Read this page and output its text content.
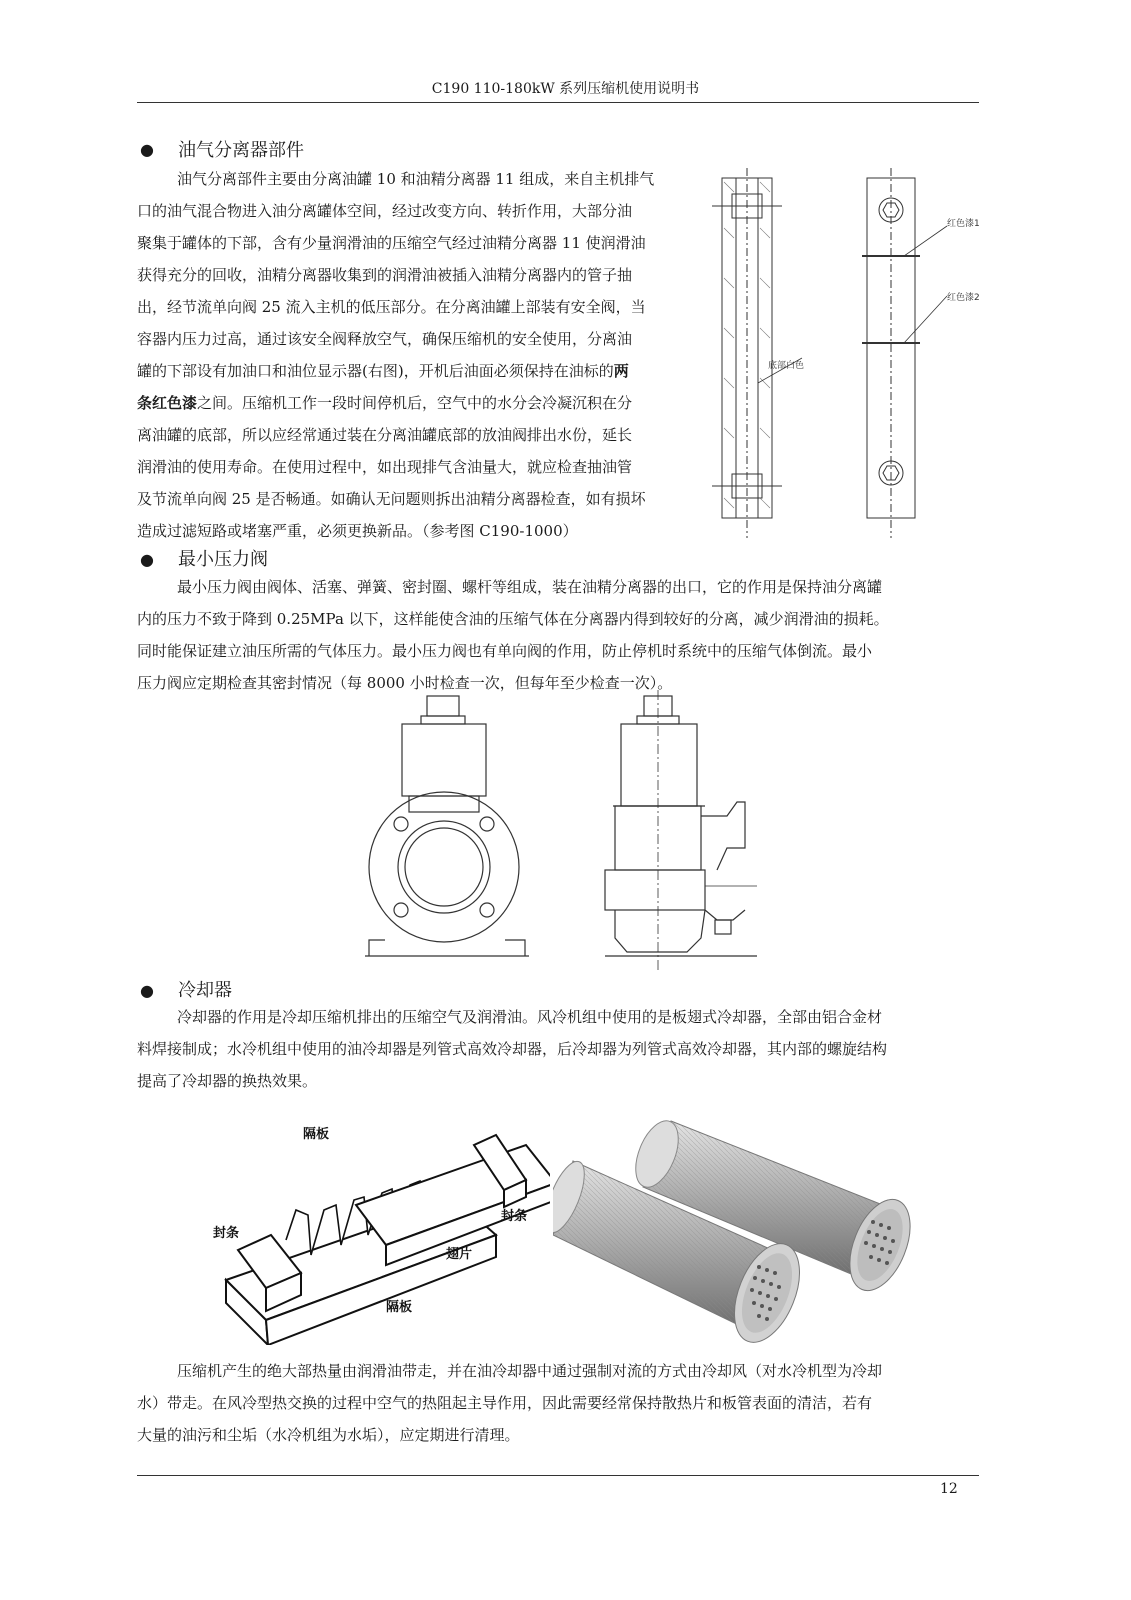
C190 110-180kW 系列压缩机使用说明书
● 油气分离器部件
油气分离部件主要由分离油罐 10 和油精分离器 11 组成，来自主机排气
口的油气混合物进入油分离罐体空间，经过改变方向、转折作用，大部分油
聚集于罐体的下部，含有少量润滑油的压缩空气经过油精分离器 11 使润滑油
获得充分的回收，油精分离器收集到的润滑油被插入油精分离器内的管子抽
出，经节流单向阀 25 流入主机的低压部分。在分离油罐上部装有安全阀，当
容器内压力过高，通过该安全阀释放空气，确保压缩机的安全使用，分离油
罐的下部设有加油口和油位显示器(右图)，开机后油面必须保持在油标的两
条红色漆之间。压缩机工作一段时间停机后，空气中的水分会冷凝沉积在分
离油罐的底部，所以应经常通过装在分离油罐底部的放油阀排出水份，延长
润滑油的使用寿命。在使用过程中，如出现排气含油量大，就应检查抽油管
及节流单向阀 25 是否畅通。如确认无问题则拆出油精分离器检查，如有损坏
造成过滤短路或堵塞严重，必须更换新品。（参考图 C190-1000）
红色漆1
红色漆2
底部白色
● 最小压力阀
最小压力阀由阀体、活塞、弹簧、密封圈、螺杆等组成，装在油精分离器的出口，它的作用是保持油分离罐
内的压力不致于降到 0.25MPa 以下，这样能使含油的压缩气体在分离器内得到较好的分离，减少润滑油的损耗。
同时能保证建立油压所需的气体压力。最小压力阀也有单向阀的作用，防止停机时系统中的压缩气体倒流。最小
压力阀应定期检查其密封情况（每 8000 小时检查一次，但每年至少检查一次）。
● 冷却器
冷却器的作用是冷却压缩机排出的压缩空气及润滑油。风冷机组中使用的是板翅式冷却器，全部由铝合金材
料焊接制成；水冷机组中使用的油冷却器是列管式高效冷却器，后冷却器为列管式高效冷却器，其内部的螺旋结构
提高了冷却器的换热效果。
隔板
封条
封条
翅片
隔板
压缩机产生的绝大部热量由润滑油带走，并在油冷却器中通过强制对流的方式由冷却风（对水冷机型为冷却
水）带走。在风冷型热交换的过程中空气的热阻起主导作用，因此需要经常保持散热片和板管表面的清洁，若有
大量的油污和尘垢（水冷机组为水垢），应定期进行清理。
12
